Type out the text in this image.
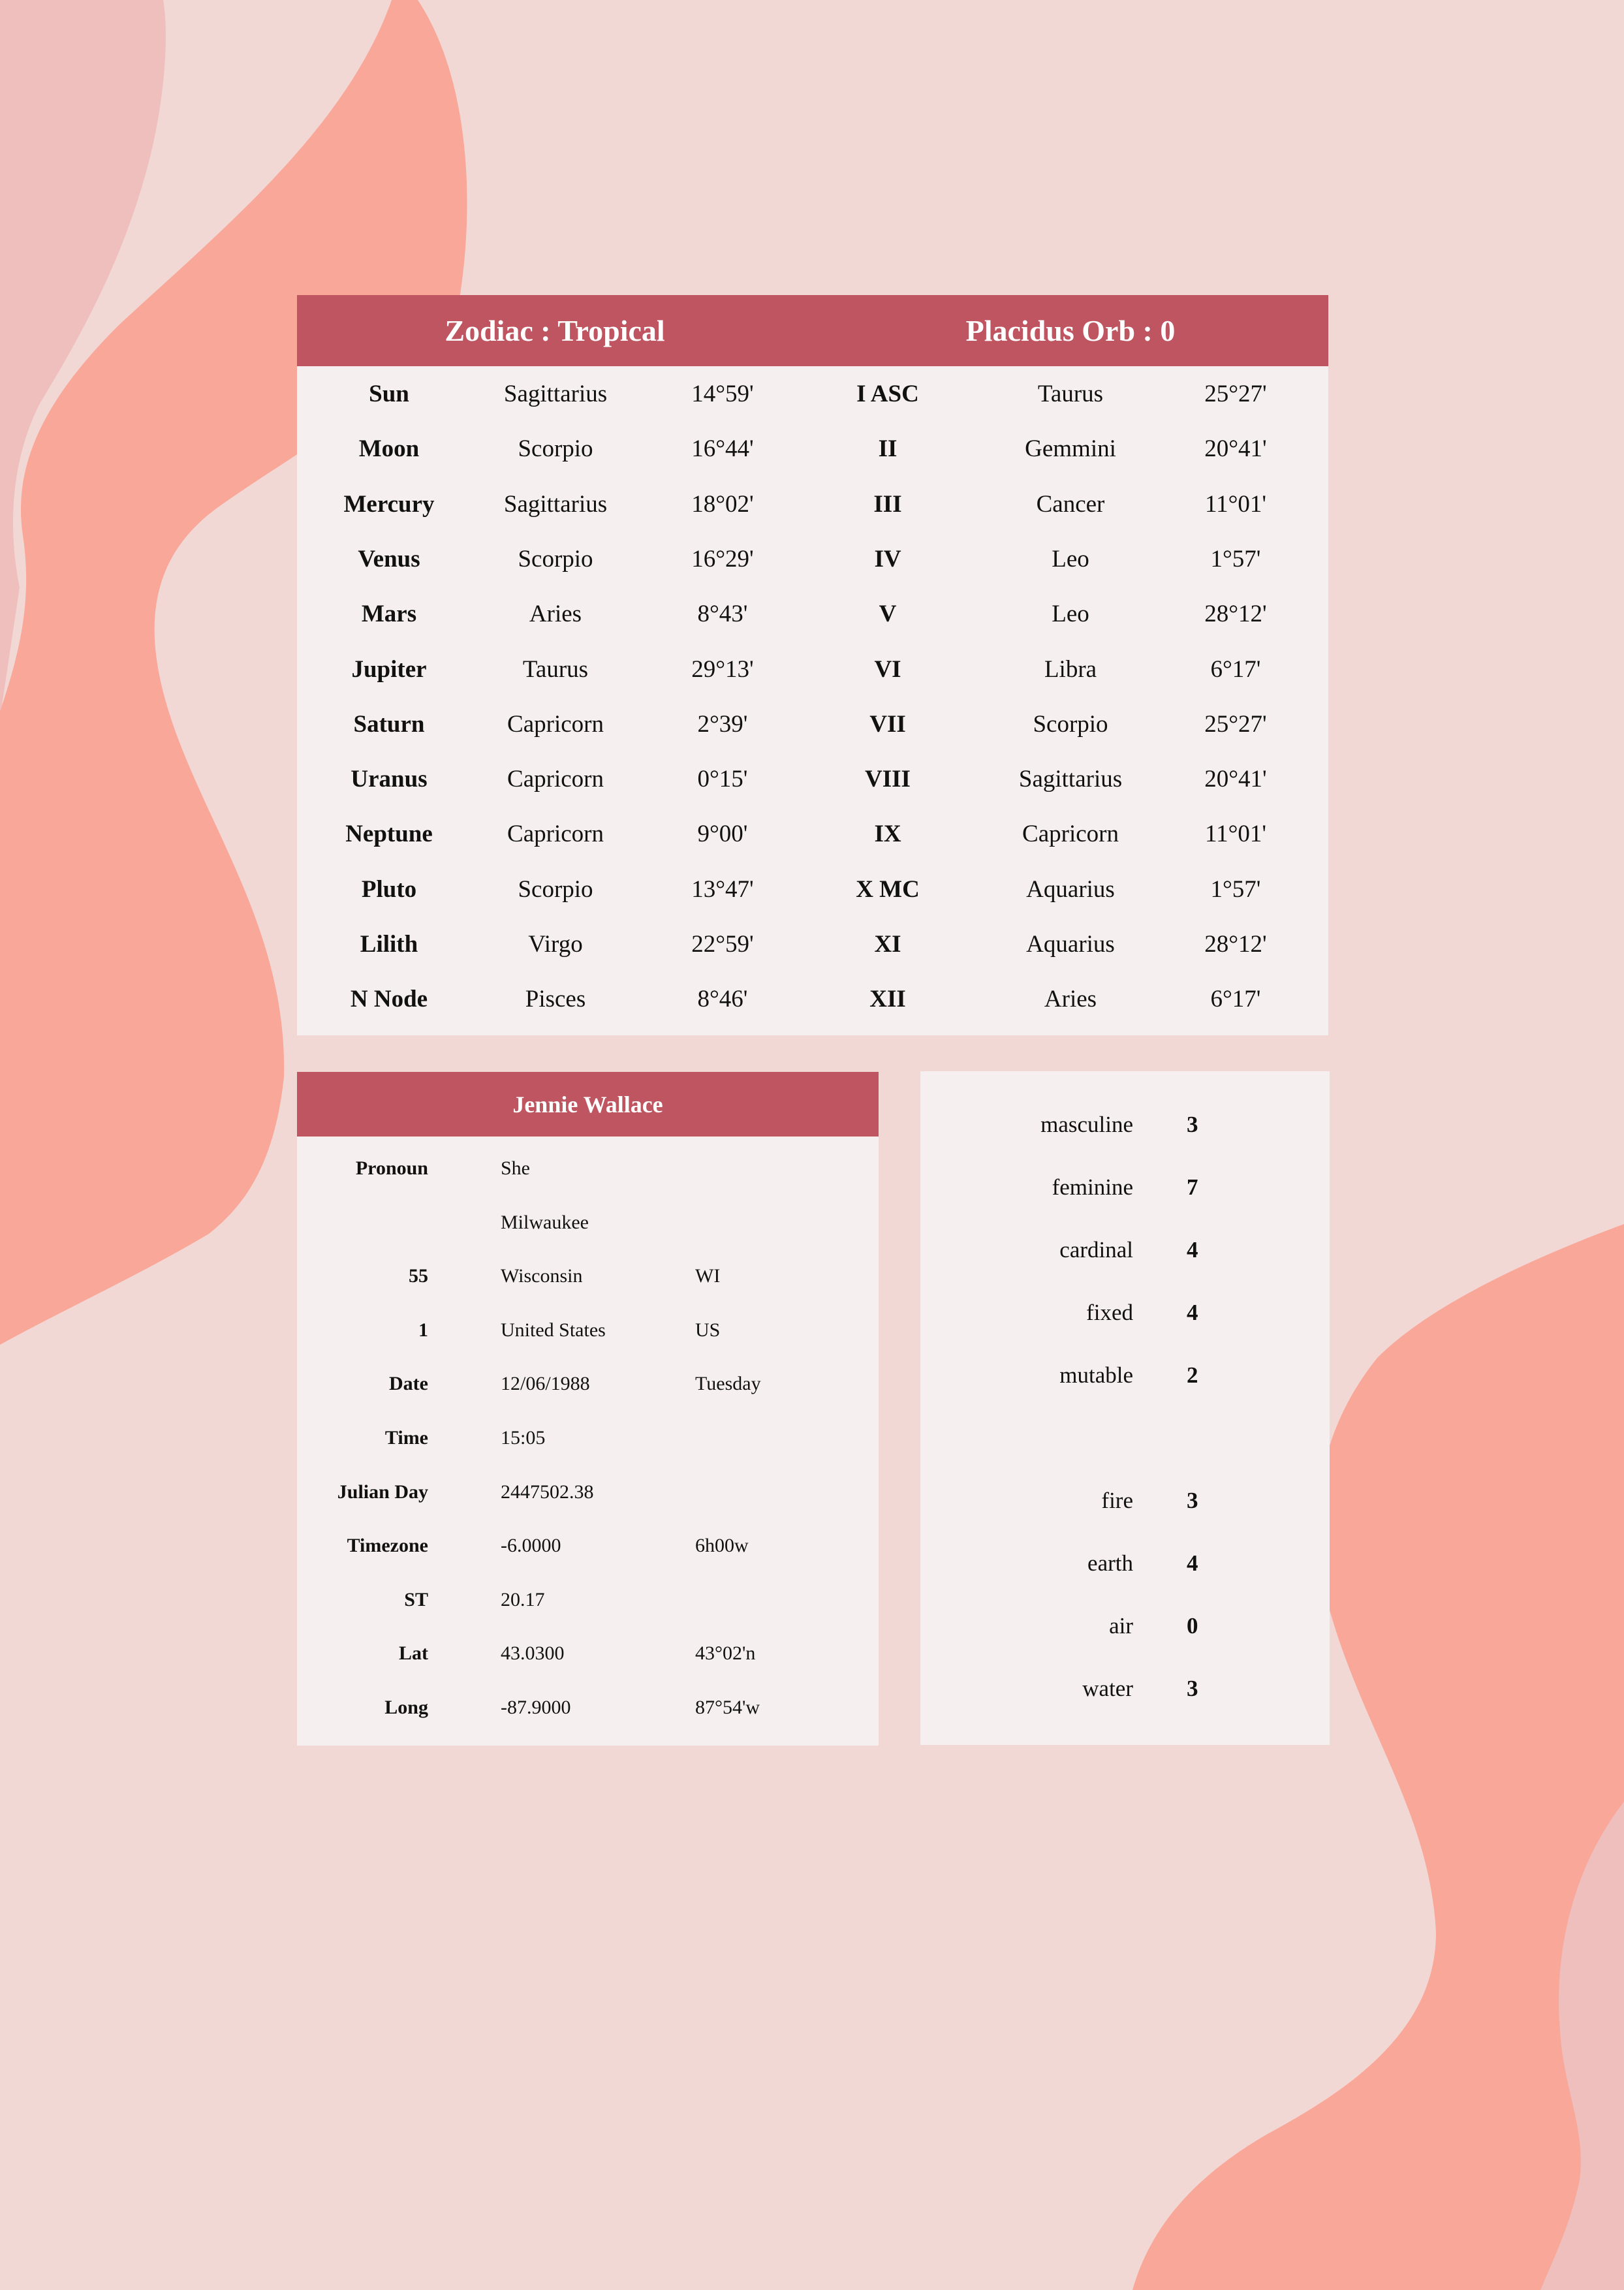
Zodiac : Tropical	Placidus Orb : 0
Sun	Sagittarius	14°59'	I ASC	Taurus	25°27'
Moon	Scorpio	16°44'	II	Gemmini	20°41'
Mercury	Sagittarius	18°02'	III	Cancer	11°01'
Venus	Scorpio	16°29'	IV	Leo	1°57'
Mars	Aries	8°43'	V	Leo	28°12'
Jupiter	Taurus	29°13'	VI	Libra	6°17'
Saturn	Capricorn	2°39'	VII	Scorpio	25°27'
Uranus	Capricorn	0°15'	VIII	Sagittarius	20°41'
Neptune	Capricorn	9°00'	IX	Capricorn	11°01'
Pluto	Scorpio	13°47'	X MC	Aquarius	1°57'
Lilith	Virgo	22°59'	XI	Aquarius	28°12'
N Node	Pisces	8°46'	XII	Aries	6°17'
Jennie Wallace
Pronoun	She
Milwaukee
55	Wisconsin	WI
1	United States	US
Date	12/06/1988	Tuesday
Time	15:05
Julian Day	2447502.38
Timezone	-6.0000	6h00w
ST	20.17
Lat	43.0300	43°02'n
Long	-87.9000	87°54'w
masculine 3
feminine 7
cardinal 4
fixed 4
mutable 2
fire 3
earth 4
air 0
water 3
